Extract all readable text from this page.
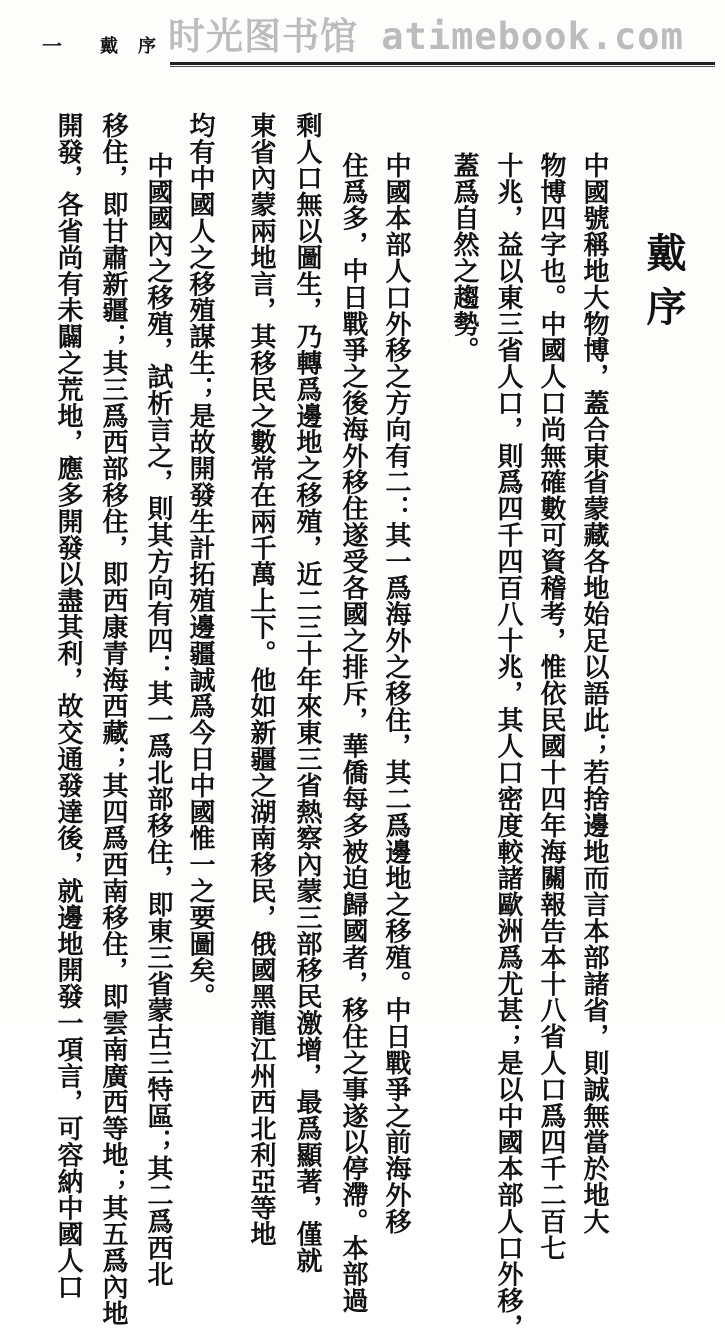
一 戴序
时光图书馆 atimebook.com
戴序
中國號稱地大物博，蓋合東省蒙藏各地始足以語此；若捨邊地而言本部諸省，則誠無當於地大
物博四字也。中國人口尚無確數可資稽考，惟依民國十四年海關報告本十八省人口爲四千二百七
十兆，益以東三省人口，則爲四千四百八十兆，其人口密度較諸歐洲爲尤甚；是以中國本部人口外移，
蓋爲自然之趨勢。
中國本部人口外移之方向有二：其一爲海外之移住，其二爲邊地之移殖。中日戰爭之前海外移
住爲多，中日戰爭之後海外移住遂受各國之排斥，華僑每多被迫歸國者，移住之事遂以停滯。本部過
剩人口無以圖生，乃轉爲邊地之移殖，近二三十年來東三省熱察內蒙三部移民激增，最爲顯著，僅就
東省內蒙兩地言，其移民之數常在兩千萬上下。他如新疆之湖南移民，俄國黑龍江州西北利亞等地
均有中國人之移殖謀生；是故開發生計拓殖邊疆誠爲今日中國惟一之要圖矣。
中國國內之移殖，試析言之，則其方向有四：其一爲北部移住，即東三省蒙古三特區；其二爲西北
移住，即甘肅新疆；其三爲西部移住，即西康青海西藏；其四爲西南移住，即雲南廣西等地；其五爲內地
開發，各省尚有未闢之荒地，應多開發以盡其利，故交通發達後，就邊地開發一項言，可容納中國人口
